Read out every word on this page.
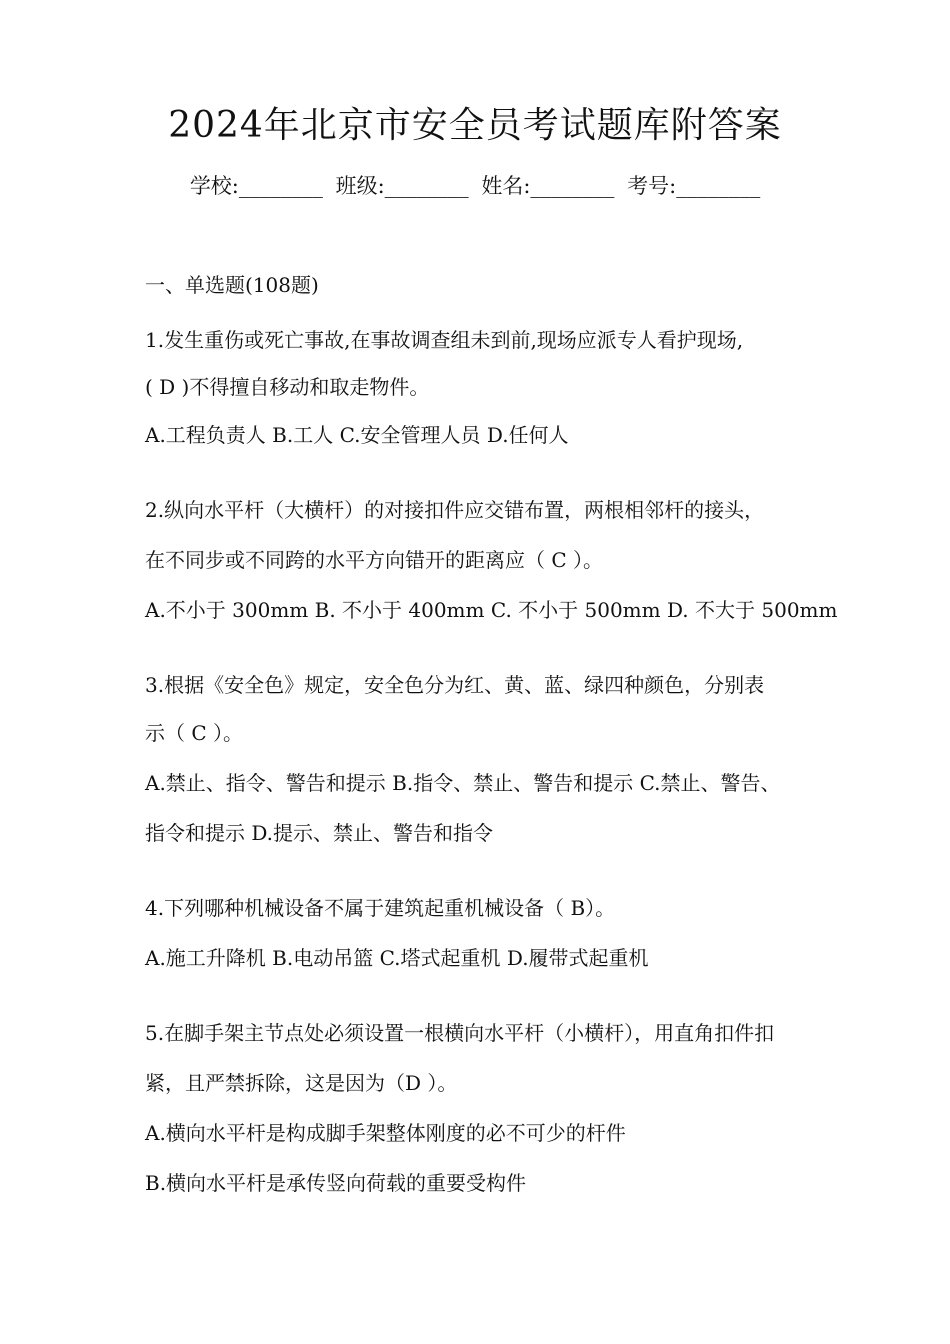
2024年北京市安全员考试题库附答案
学校:________ 班级:________ 姓名:________ 考号:________
一、单选题(108题)
1.发生重伤或死亡事故,在事故调查组未到前,现场应派专人看护现场,
( D )不得擅自移动和取走物件。
A.工程负责人 B.工人 C.安全管理人员 D.任何人
2.纵向水平杆（大横杆）的对接扣件应交错布置，两根相邻杆的接头，
在不同步或不同跨的水平方向错开的距离应（ C ）。
A.不小于 300mm B. 不小于 400mm C. 不小于 500mm D. 不大于 500mm
3.根据《安全色》规定，安全色分为红、黄、蓝、绿四种颜色，分别表
示（ C ）。
A.禁止、指令、警告和提示 B.指令、禁止、警告和提示 C.禁止、警告、
指令和提示 D.提示、禁止、警告和指令
4.下列哪种机械设备不属于建筑起重机械设备（ B）。
A.施工升降机 B.电动吊篮 C.塔式起重机 D.履带式起重机
5.在脚手架主节点处必须设置一根横向水平杆（小横杆），用直角扣件扣
紧，且严禁拆除，这是因为（D ）。
A.横向水平杆是构成脚手架整体刚度的必不可少的杆件
B.横向水平杆是承传竖向荷载的重要受构件
